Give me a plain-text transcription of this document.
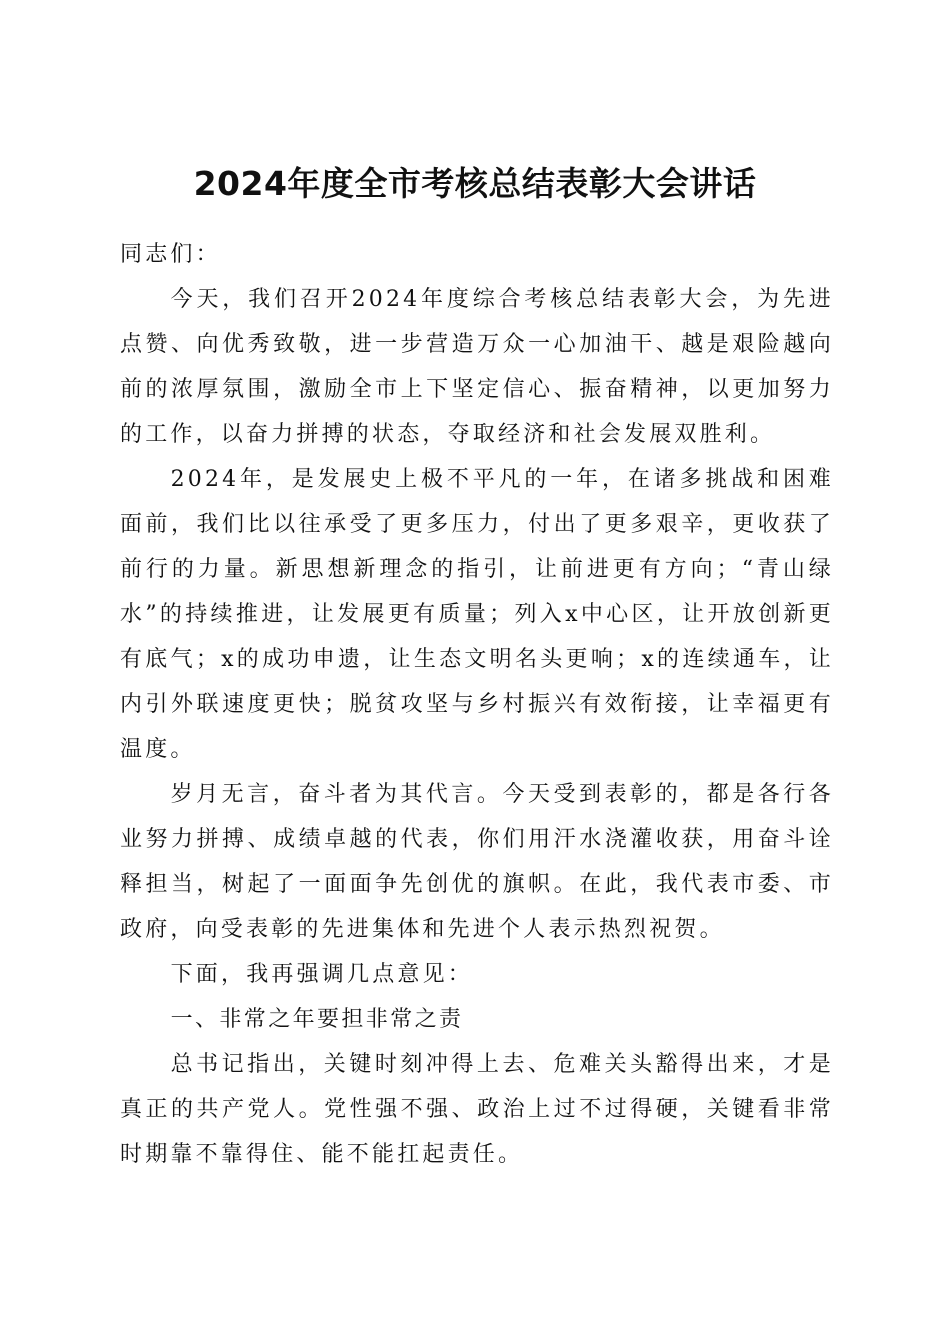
2024年度全市考核总结表彰大会讲话

同志们：

今天，我们召开2024年度综合考核总结表彰大会，为先进点赞、向优秀致敬，进一步营造万众一心加油干、越是艰险越向前的浓厚氛围，激励全市上下坚定信心、振奋精神，以更加努力的工作，以奋力拼搏的状态，夺取经济和社会发展双胜利。

2024年，是发展史上极不平凡的一年，在诸多挑战和困难面前，我们比以往承受了更多压力，付出了更多艰辛，更收获了前行的力量。新思想新理念的指引，让前进更有方向；“青山绿水”的持续推进，让发展更有质量；列入x中心区，让开放创新更有底气；x的成功申遗，让生态文明名头更响；x的连续通车，让内引外联速度更快；脱贫攻坚与乡村振兴有效衔接，让幸福更有温度。

岁月无言，奋斗者为其代言。今天受到表彰的，都是各行各业努力拼搏、成绩卓越的代表，你们用汗水浇灌收获，用奋斗诠释担当，树起了一面面争先创优的旗帜。在此，我代表市委、市政府，向受表彰的先进集体和先进个人表示热烈祝贺。

下面，我再强调几点意见：

一、非常之年要担非常之责

总书记指出，关键时刻冲得上去、危难关头豁得出来，才是真正的共产党人。党性强不强、政治上过不过得硬，关键看非常时期靠不靠得住、能不能扛起责任。
